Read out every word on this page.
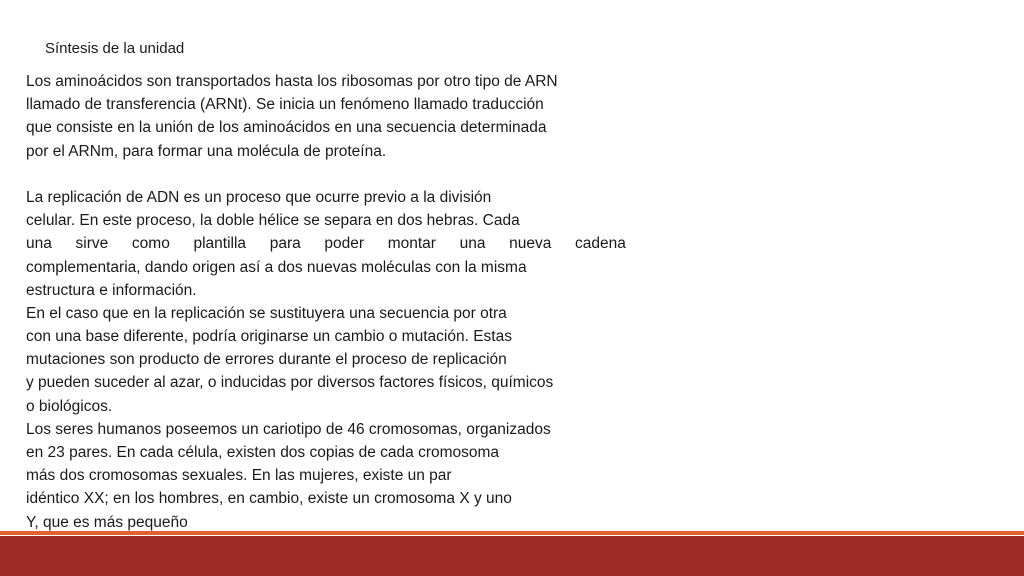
Síntesis de la unidad
Los aminoácidos son transportados hasta los ribosomas por otro tipo de ARN
llamado de transferencia (ARNt). Se inicia un fenómeno llamado traducción
que consiste en la unión de los aminoácidos en una secuencia determinada
por el ARNm, para formar una molécula de proteína.
La replicación de ADN es un proceso que ocurre previo a la división
celular. En este proceso, la doble hélice se separa en dos hebras. Cada
una sirve como plantilla para poder montar una nueva cadena
complementaria, dando origen así a dos nuevas moléculas con la misma
estructura e información.
En el caso que en la replicación se sustituyera una secuencia por otra
con una base diferente, podría originarse un cambio o mutación. Estas
mutaciones son producto de errores durante el proceso de replicación
y pueden suceder al azar, o inducidas por diversos factores físicos, químicos
o biológicos.
Los seres humanos poseemos un cariotipo de 46 cromosomas, organizados
en 23 pares. En cada célula, existen dos copias de cada cromosoma
más dos cromosomas sexuales. En las mujeres, existe un par
idéntico XX; en los hombres, en cambio, existe un cromosoma X y uno
Y, que es más pequeño
